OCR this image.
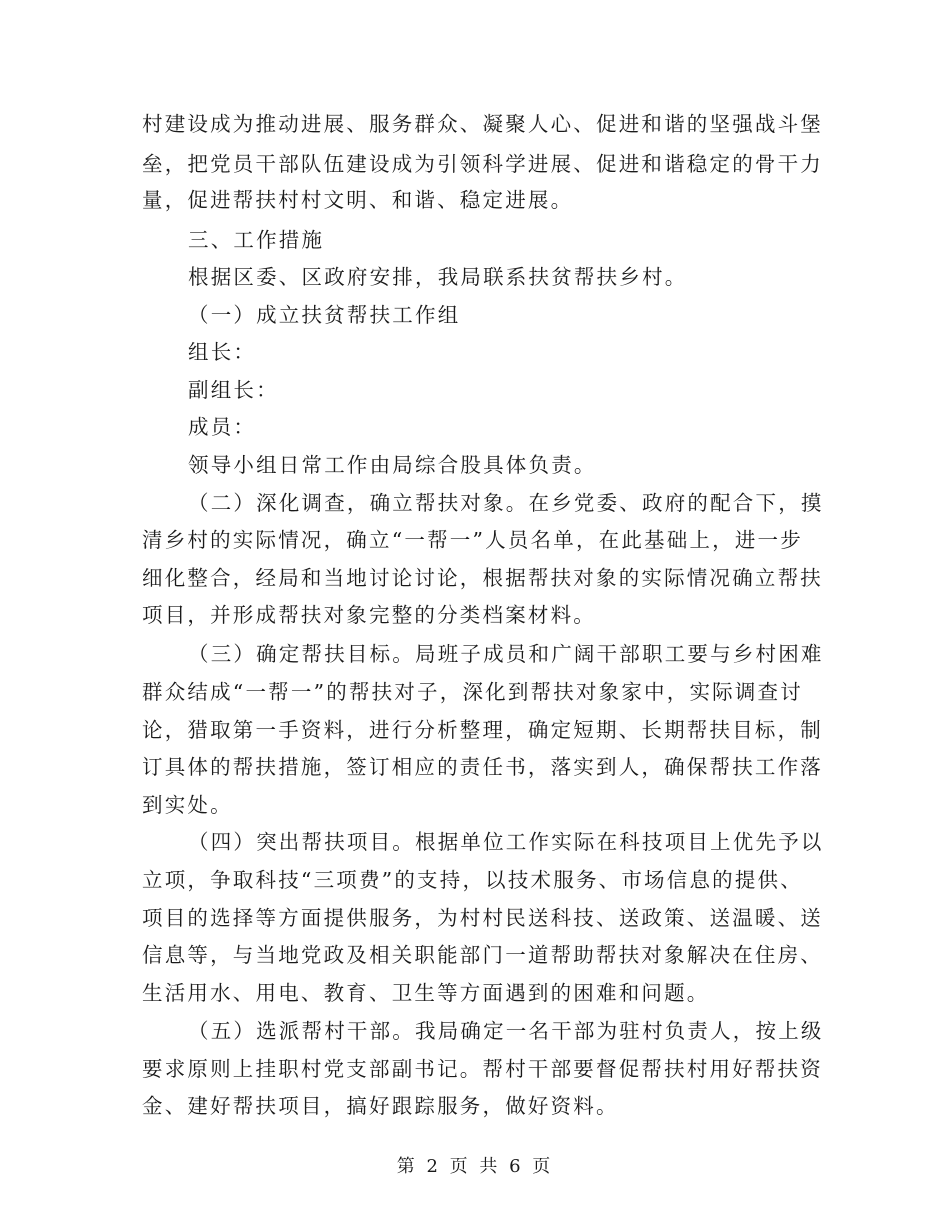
村建设成为推动进展、服务群众、凝聚人心、促进和谐的坚强战斗堡
垒，把党员干部队伍建设成为引领科学进展、促进和谐稳定的骨干力
量，促进帮扶村村文明、和谐、稳定进展。
三、工作措施
根据区委、区政府安排，我局联系扶贫帮扶乡村。
（一）成立扶贫帮扶工作组
组长：
副组长：
成员：
领导小组日常工作由局综合股具体负责。
（二）深化调查，确立帮扶对象。在乡党委、政府的配合下，摸
清乡村的实际情况，确立“一帮一”人员名单，在此基础上，进一步
细化整合，经局和当地讨论讨论，根据帮扶对象的实际情况确立帮扶
项目，并形成帮扶对象完整的分类档案材料。
（三）确定帮扶目标。局班子成员和广阔干部职工要与乡村困难
群众结成“一帮一”的帮扶对子，深化到帮扶对象家中，实际调查讨
论，猎取第一手资料，进行分析整理，确定短期、长期帮扶目标，制
订具体的帮扶措施，签订相应的责任书，落实到人，确保帮扶工作落
到实处。
（四）突出帮扶项目。根据单位工作实际在科技项目上优先予以
立项，争取科技“三项费”的支持，以技术服务、市场信息的提供、
项目的选择等方面提供服务，为村村民送科技、送政策、送温暖、送
信息等，与当地党政及相关职能部门一道帮助帮扶对象解决在住房、
生活用水、用电、教育、卫生等方面遇到的困难和问题。
（五）选派帮村干部。我局确定一名干部为驻村负责人，按上级
要求原则上挂职村党支部副书记。帮村干部要督促帮扶村用好帮扶资
金、建好帮扶项目，搞好跟踪服务，做好资料。
第 2 页 共 6 页
